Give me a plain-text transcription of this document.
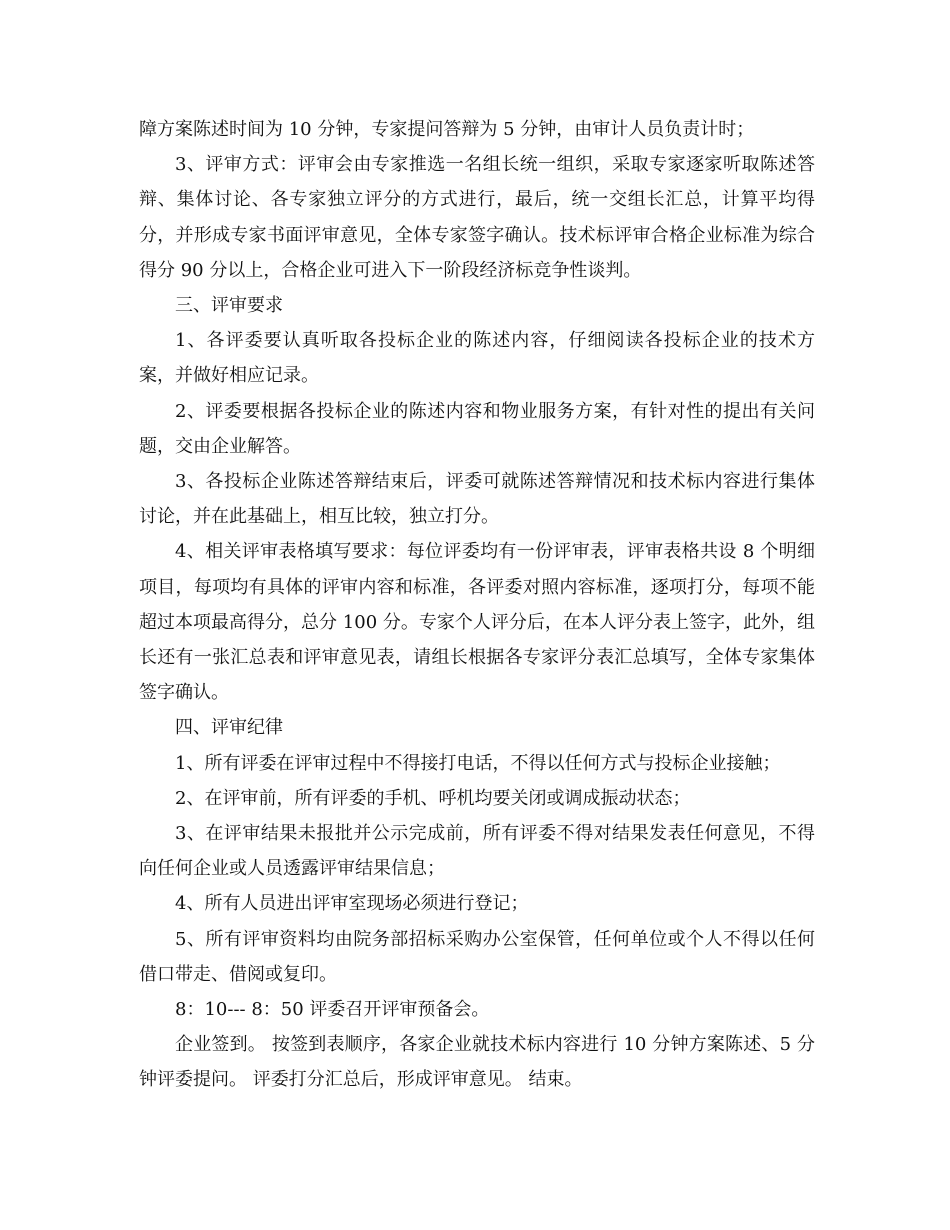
障方案陈述时间为 10 分钟，专家提问答辩为 5 分钟，由审计人员负责计时；

3、评审方式：评审会由专家推选一名组长统一组织，采取专家逐家听取陈述答辩、集体讨论、各专家独立评分的方式进行，最后，统一交组长汇总，计算平均得分，并形成专家书面评审意见，全体专家签字确认。技术标评审合格企业标准为综合得分 90 分以上，合格企业可进入下一阶段经济标竞争性谈判。

三、评审要求

1、各评委要认真听取各投标企业的陈述内容，仔细阅读各投标企业的技术方案，并做好相应记录。

2、评委要根据各投标企业的陈述内容和物业服务方案，有针对性的提出有关问题，交由企业解答。

3、各投标企业陈述答辩结束后，评委可就陈述答辩情况和技术标内容进行集体讨论，并在此基础上，相互比较，独立打分。

4、相关评审表格填写要求：每位评委均有一份评审表，评审表格共设 8 个明细项目，每项均有具体的评审内容和标准，各评委对照内容标准，逐项打分，每项不能超过本项最高得分，总分 100 分。专家个人评分后，在本人评分表上签字，此外，组长还有一张汇总表和评审意见表，请组长根据各专家评分表汇总填写，全体专家集体签字确认。

四、评审纪律

1、所有评委在评审过程中不得接打电话，不得以任何方式与投标企业接触；

2、在评审前，所有评委的手机、呼机均要关闭或调成振动状态；

3、在评审结果未报批并公示完成前，所有评委不得对结果发表任何意见，不得向任何企业或人员透露评审结果信息；

4、所有人员进出评审室现场必须进行登记；

5、所有评审资料均由院务部招标采购办公室保管，任何单位或个人不得以任何借口带走、借阅或复印。

8：10--- 8：50 评委召开评审预备会。

企业签到。 按签到表顺序，各家企业就技术标内容进行 10 分钟方案陈述、5 分钟评委提问。 评委打分汇总后，形成评审意见。 结束。
